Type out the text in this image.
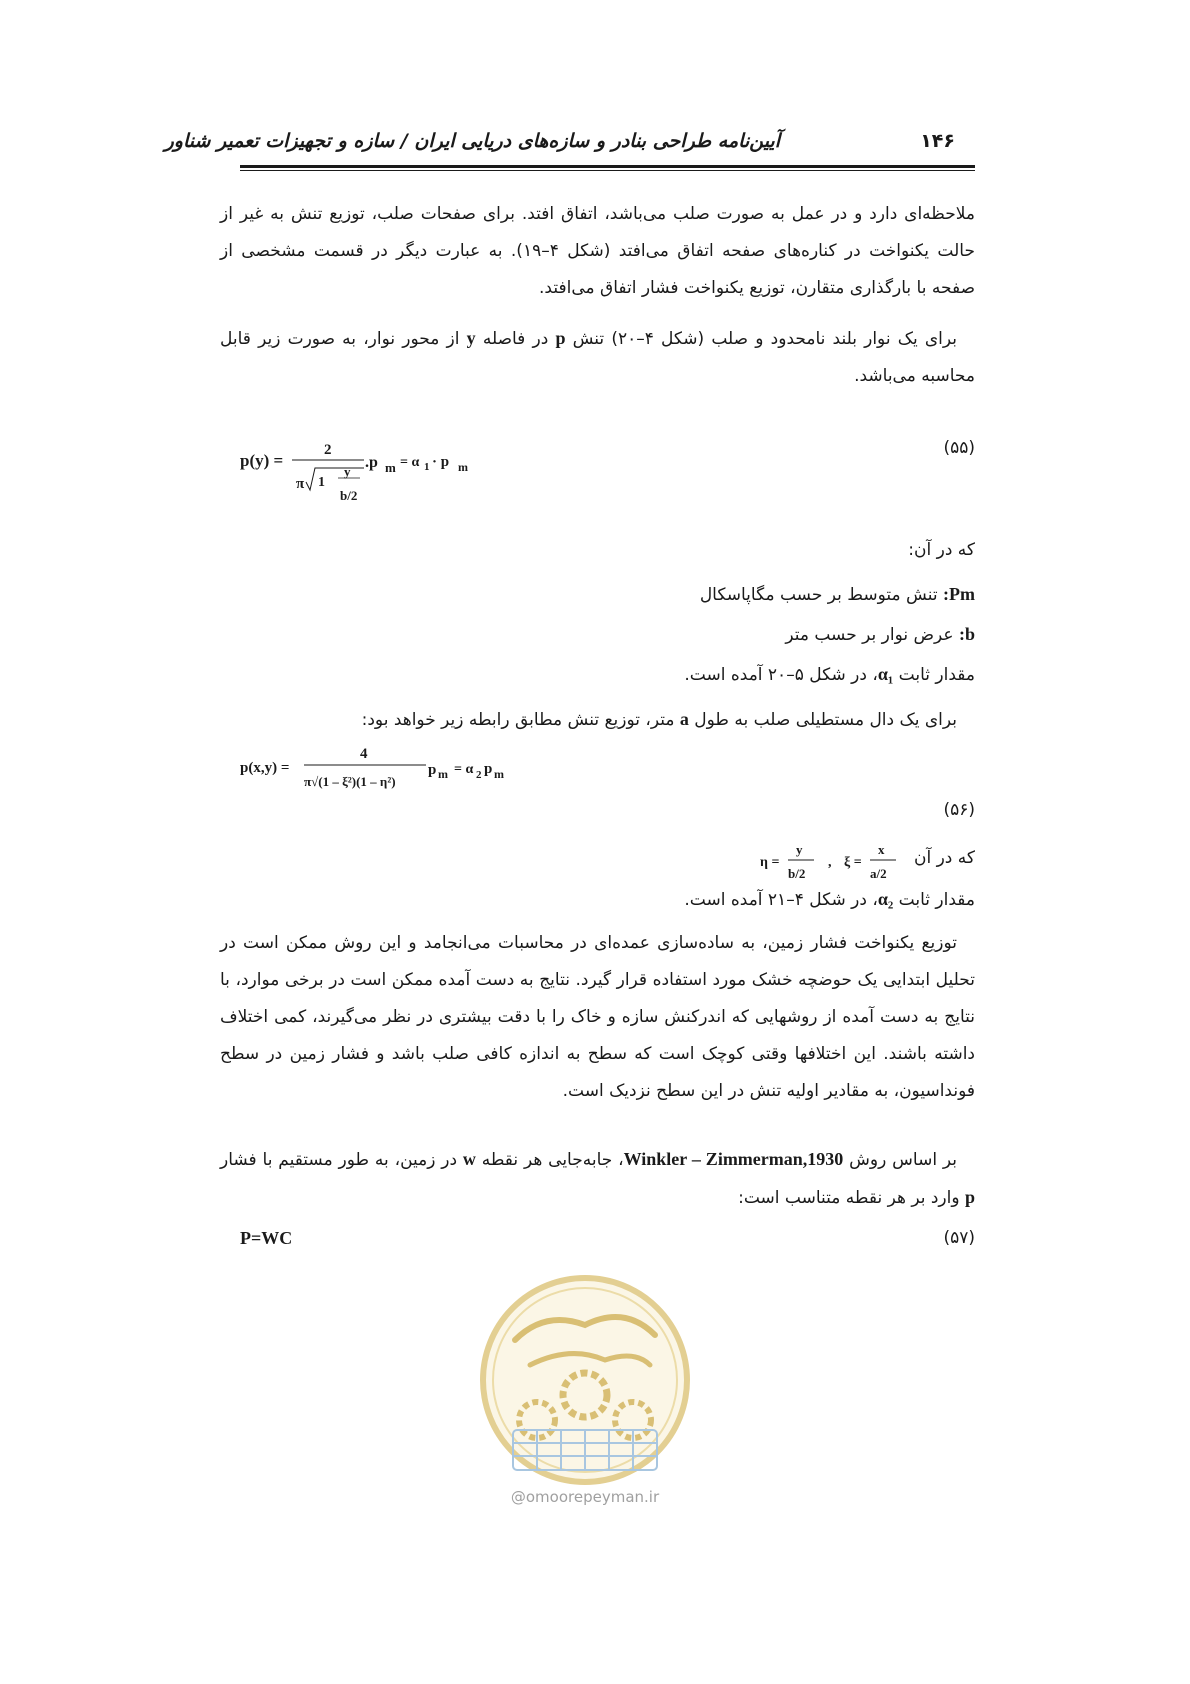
آیین‌نامه طراحی بنادر و سازه‌های دریایی ایران / سازه و تجهیزات تعمیر شناور	۱۴۶

ملاحظه‌ای دارد و در عمل به صورت صلب می‌باشد، اتفاق افتد. برای صفحات صلب، توزیع تنش به غیر از حالت یکنواخت در کناره‌های صفحه اتفاق می‌افتد (شکل ۴–۱۹). به عبارت دیگر در قسمت مشخصی از صفحه با بارگذاری متقارن، توزیع یکنواخت فشار اتفاق می‌افتد.

برای یک نوار بلند نامحدود و صلب (شکل ۴–۲۰) تنش p در فاصله y از محور نوار، به صورت زیر قابل محاسبه می‌باشد.

(۵۵)
p(y) =
2
π 1
y
b/2
.p m = α 1 · p m
که در آن:
Pm: تنش متوسط بر حسب مگاپاسکال
b: عرض نوار بر حسب متر
مقدار ثابت α₁، در شکل ۵–۲۰ آمده است.
برای یک دال مستطیلی صلب به طول a متر، توزیع تنش مطابق رابطه زیر خواهد بود:
p(x,y) =
4
π√(1 – ξ²)(1 – η²)
p m = α 2 p m
(۵۶)
که در آن
η =
y
b/2
, ξ =
x
a/2
مقدار ثابت α₂، در شکل ۴–۲۱ آمده است.

توزیع یکنواخت فشار زمین، به ساده‌سازی عمده‌ای در محاسبات می‌انجامد و این روش ممکن است در تحلیل ابتدایی یک حوضچه خشک مورد استفاده قرار گیرد. نتایج به دست آمده ممکن است در برخی موارد، با نتایج به دست آمده از روشهایی که اندرکنش سازه و خاک را با دقت بیشتری در نظر می‌گیرند، کمی اختلاف داشته باشند. این اختلافها وقتی کوچک است که سطح به اندازه کافی صلب باشد و فشار زمین در سطح فونداسیون، به مقادیر اولیه تنش در این سطح نزدیک است.

بر اساس روش Winkler – Zimmerman,1930، جابه‌جایی هر نقطه w در زمین، به طور مستقیم با فشار p وارد بر هر نقطه متناسب است:

P=WC	(۵۷)
@omoorepeyman.ir
